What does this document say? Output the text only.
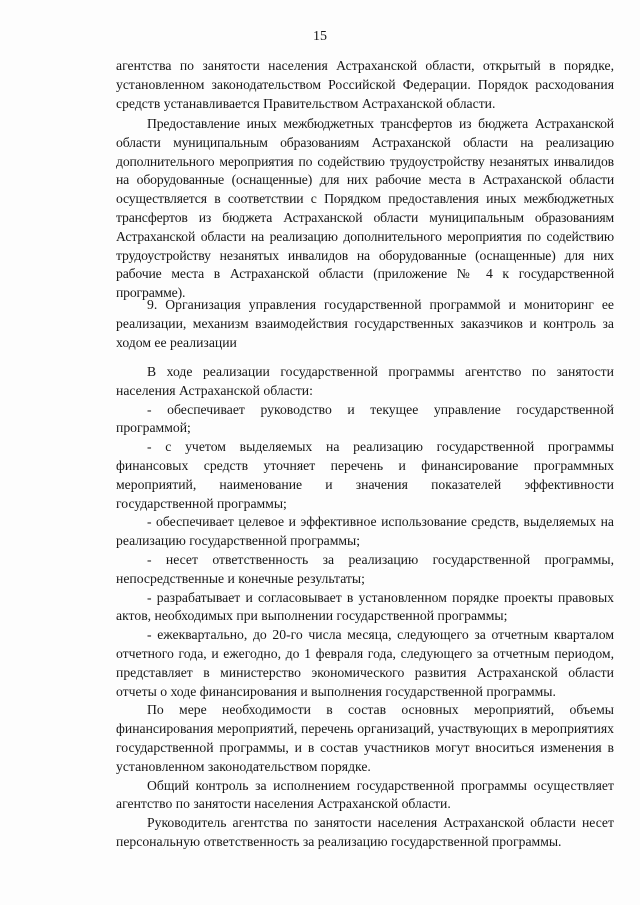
15

агентства по занятости населения Астраханской области, открытый в порядке, установленном законодательством Российской Федерации. Порядок расходования средств устанавливается Правительством Астраханской области.

Предоставление иных межбюджетных трансфертов из бюджета Астраханской области муниципальным образованиям Астраханской области на реализацию дополнительного мероприятия по содействию трудоустройству незанятых инвалидов на оборудованные (оснащенные) для них рабочие места в Астраханской области осуществляется в соответствии с Порядком предоставления иных межбюджетных трансфертов из бюджета Астраханской области муниципальным образованиям Астраханской области на реализацию дополнительного мероприятия по содействию трудоустройству незанятых инвалидов на оборудованные (оснащенные) для них рабочие места в Астраханской области (приложение № 4 к государственной программе).

9. Организация управления государственной программой и мониторинг ее реализации, механизм взаимодействия государственных заказчиков и контроль за ходом ее реализации

В ходе реализации государственной программы агентство по занятости населения Астраханской области:

- обеспечивает руководство и текущее управление государственной программой;

- с учетом выделяемых на реализацию государственной программы финансовых средств уточняет перечень и финансирование программных мероприятий, наименование и значения показателей эффективности государственной программы;

- обеспечивает целевое и эффективное использование средств, выделяемых на реализацию государственной программы;

- несет ответственность за реализацию государственной программы, непосредственные и конечные результаты;

- разрабатывает и согласовывает в установленном порядке проекты правовых актов, необходимых при выполнении государственной программы;

- ежеквартально, до 20-го числа месяца, следующего за отчетным кварталом отчетного года, и ежегодно, до 1 февраля года, следующего за отчетным периодом, представляет в министерство экономического развития Астраханской области отчеты о ходе финансирования и выполнения государственной программы.

По мере необходимости в состав основных мероприятий, объемы финансирования мероприятий, перечень организаций, участвующих в мероприятиях государственной программы, и в состав участников могут вноситься изменения в установленном законодательством порядке.

Общий контроль за исполнением государственной программы осуществляет агентство по занятости населения Астраханской области.

Руководитель агентства по занятости населения Астраханской области несет персональную ответственность за реализацию государственной программы.
